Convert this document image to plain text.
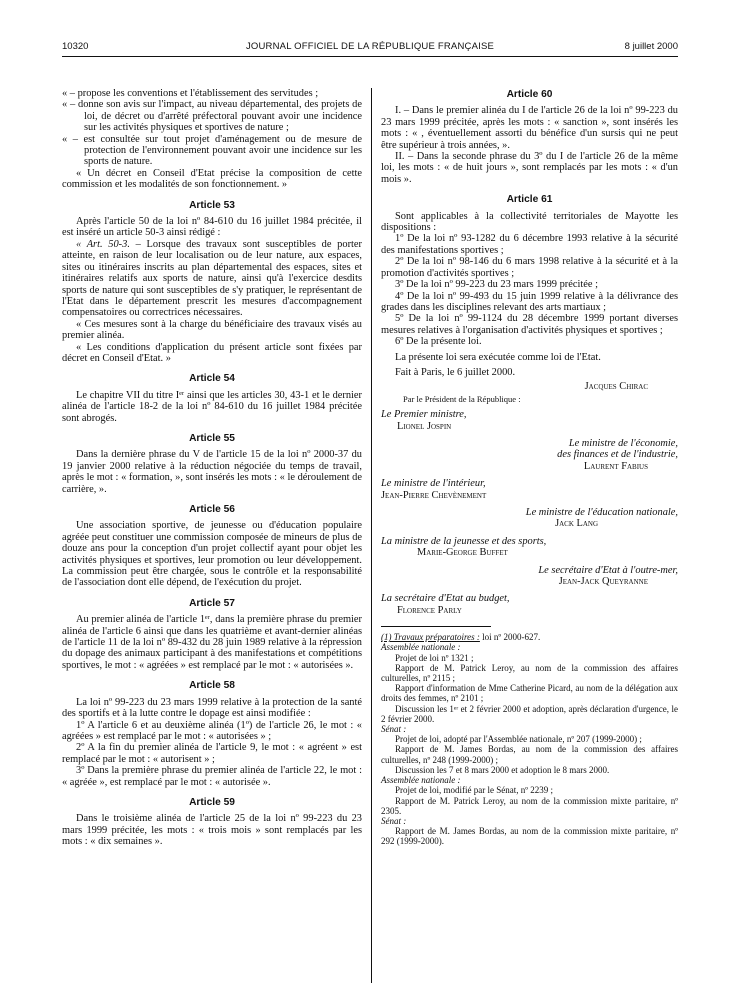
10320	JOURNAL OFFICIEL DE LA RÉPUBLIQUE FRANÇAISE	8 juillet 2000

« – propose les conventions et l'établissement des servitudes ;

« – donne son avis sur l'impact, au niveau départemental, des projets de loi, de décret ou d'arrêté préfectoral pouvant avoir une incidence sur les activités physiques et sportives de nature ;

« – est consultée sur tout projet d'aménagement ou de mesure de protection de l'environnement pouvant avoir une incidence sur les sports de nature.

« Un décret en Conseil d'Etat précise la composition de cette commission et les modalités de son fonctionnement. »

Article 53

Après l'article 50 de la loi nº 84-610 du 16 juillet 1984 précitée, il est inséré un article 50-3 ainsi rédigé :

« Art. 50-3. – Lorsque des travaux sont susceptibles de porter atteinte, en raison de leur localisation ou de leur nature, aux espaces, sites ou itinéraires inscrits au plan départemental des espaces, sites et itinéraires relatifs aux sports de nature, ainsi qu'à l'exercice desdits sports de nature qui sont susceptibles de s'y pratiquer, le représentant de l'Etat dans le département prescrit les mesures d'accompagnement compensatoires ou correctrices nécessaires.

« Ces mesures sont à la charge du bénéficiaire des travaux visés au premier alinéa.

« Les conditions d'application du présent article sont fixées par décret en Conseil d'Etat. »

Article 54

Le chapitre VII du titre Iᵉʳ ainsi que les articles 30, 43-1 et le dernier alinéa de l'article 18-2 de la loi nº 84-610 du 16 juillet 1984 précitée sont abrogés.

Article 55

Dans la dernière phrase du V de l'article 15 de la loi nº 2000-37 du 19 janvier 2000 relative à la réduction négociée du temps de travail, après le mot : « formation, », sont insérés les mots : « le déroulement de carrière, ».

Article 56

Une association sportive, de jeunesse ou d'éducation populaire agréée peut constituer une commission composée de mineurs de plus de douze ans pour la conception d'un projet collectif ayant pour objet les activités physiques et sportives, leur promotion ou leur développement. La commission peut être chargée, sous le contrôle et la responsabilité de l'association dont elle dépend, de l'exécution du projet.

Article 57

Au premier alinéa de l'article 1ᵉʳ, dans la première phrase du premier alinéa de l'article 6 ainsi que dans les quatrième et avant-dernier alinéas de l'article 11 de la loi nº 89-432 du 28 juin 1989 relative à la répression du dopage des animaux participant à des manifestations et compétitions sportives, le mot : « agréées » est remplacé par le mot : « autorisées ».

Article 58

La loi nº 99-223 du 23 mars 1999 relative à la protection de la santé des sportifs et à la lutte contre le dopage est ainsi modifiée :

1º A l'article 6 et au deuxième alinéa (1º) de l'article 26, le mot : « agréées » est remplacé par le mot : « autorisées » ;

2º A la fin du premier alinéa de l'article 9, le mot : « agréent » est remplacé par le mot : « autorisent » ;

3º Dans la première phrase du premier alinéa de l'article 22, le mot : « agréée », est remplacé par le mot : « autorisée ».

Article 59

Dans le troisième alinéa de l'article 25 de la loi nº 99-223 du 23 mars 1999 précitée, les mots : « trois mois » sont remplacés par les mots : « dix semaines ».

Article 60

I. – Dans le premier alinéa du I de l'article 26 de la loi nº 99-223 du 23 mars 1999 précitée, après les mots : « sanction », sont insérés les mots : « , éventuellement assorti du bénéfice d'un sursis qui ne peut être supérieur à trois années, ».

II. – Dans la seconde phrase du 3º du I de l'article 26 de la même loi, les mots : « de huit jours », sont remplacés par les mots : « d'un mois ».

Article 61

Sont applicables à la collectivité territoriales de Mayotte les dispositions :

1º De la loi nº 93-1282 du 6 décembre 1993 relative à la sécurité des manifestations sportives ;

2º De la loi nº 98-146 du 6 mars 1998 relative à la sécurité et à la promotion d'activités sportives ;

3º De la loi nº 99-223 du 23 mars 1999 précitée ;

4º De la loi nº 99-493 du 15 juin 1999 relative à la délivrance des grades dans les disciplines relevant des arts martiaux ;

5º De la loi nº 99-1124 du 28 décembre 1999 portant diverses mesures relatives à l'organisation d'activités physiques et sportives ;

6º De la présente loi.

La présente loi sera exécutée comme loi de l'Etat.

Fait à Paris, le 6 juillet 2000.

Jacques Chirac
Par le Président de la République :
Le Premier ministre,
Lionel Jospin
Le ministre de l'économie,
des finances et de l'industrie,
Laurent Fabius
Le ministre de l'intérieur,
Jean-Pierre Chevènement
Le ministre de l'éducation nationale,
Jack Lang
La ministre de la jeunesse et des sports,
Marie-George Buffet
Le secrétaire d'Etat à l'outre-mer,
Jean-Jack Queyranne
La secrétaire d'Etat au budget,
Florence Parly

(1) Travaux préparatoires : loi nº 2000-627.

Assemblée nationale :

Projet de loi nº 1321 ;

Rapport de M. Patrick Leroy, au nom de la commission des affaires culturelles, nº 2115 ;

Rapport d'information de Mme Catherine Picard, au nom de la délégation aux droits des femmes, nº 2101 ;

Discussion les 1ᵉʳ et 2 février 2000 et adoption, après déclaration d'urgence, le 2 février 2000.

Sénat :

Projet de loi, adopté par l'Assemblée nationale, nº 207 (1999-2000) ;

Rapport de M. James Bordas, au nom de la commission des affaires culturelles, nº 248 (1999-2000) ;

Discussion les 7 et 8 mars 2000 et adoption le 8 mars 2000.

Assemblée nationale :

Projet de loi, modifié par le Sénat, nº 2239 ;

Rapport de M. Patrick Leroy, au nom de la commission mixte paritaire, nº 2305.

Sénat :

Rapport de M. James Bordas, au nom de la commission mixte paritaire, nº 292 (1999-2000).
